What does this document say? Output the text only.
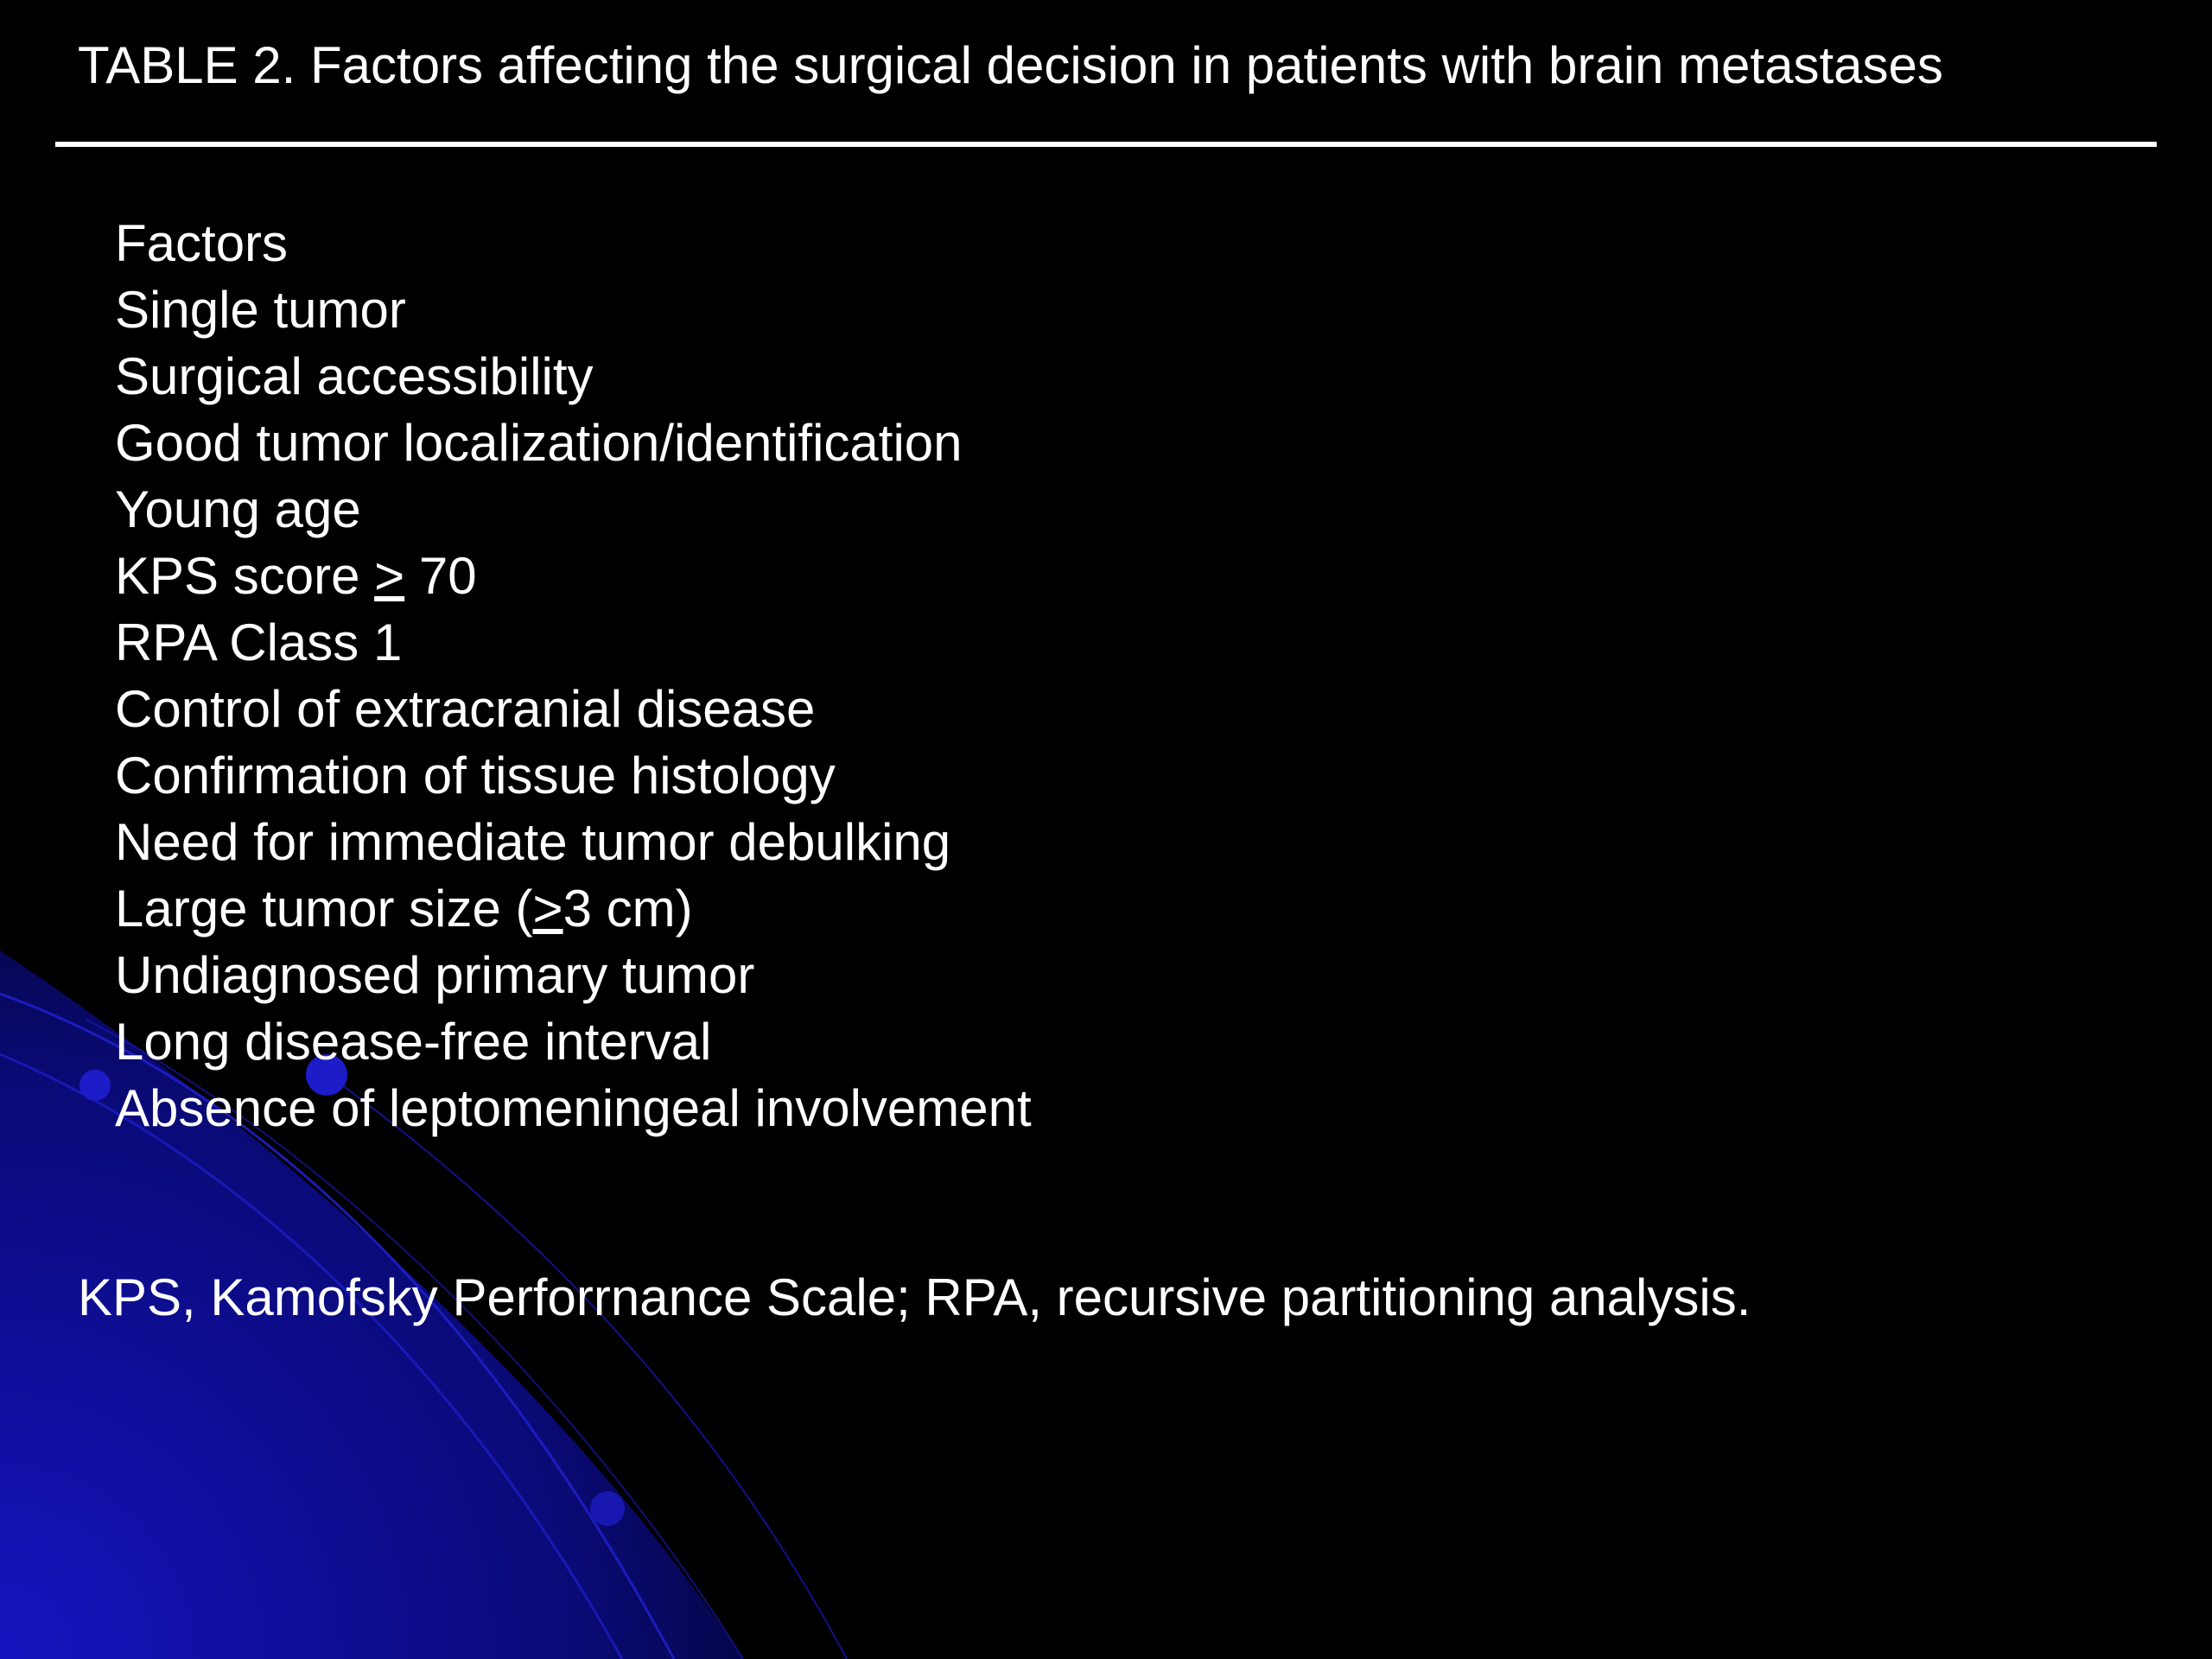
TABLE 2. Factors affecting the surgical decision in patients with brain metastases
Factors
Single tumor
Surgical accessibility
Good tumor localization/identification
Young age
KPS score > 70
RPA Class 1
Control of extracranial disease
Confirmation of tissue histology
Need for immediate tumor debulking
Large tumor size (>3 cm)
Undiagnosed primary tumor
Long disease-free interval
Absence of leptomeningeal involvement
KPS, Kamofsky Perforrnance Scale; RPA, recursive partitioning analysis.
